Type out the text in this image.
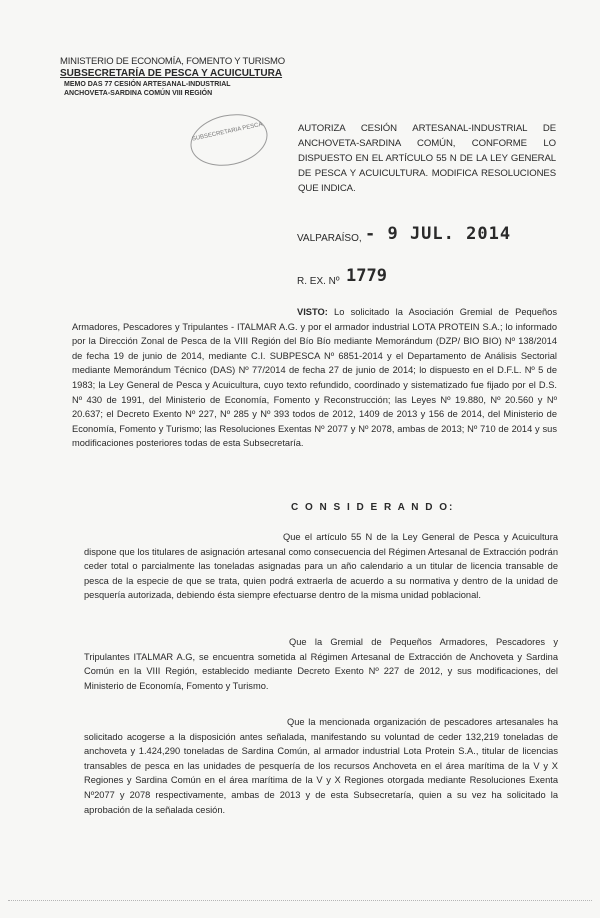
MINISTERIO DE ECONOMÍA, FOMENTO Y TURISMO
SUBSECRETARÍA DE PESCA Y ACUICULTURA
MEMO DAS 77 CESIÓN ARTESANAL-INDUSTRIAL
ANCHOVETA-SARDINA COMÚN VIII REGIÓN
SUBSECRETARIA PESCA	AUTORIZA CESIÓN ARTESANAL-INDUSTRIAL DE ANCHOVETA-SARDINA COMÚN, CONFORME LO DISPUESTO EN EL ARTÍCULO 55 N DE LA LEY GENERAL DE PESCA Y ACUICULTURA. MODIFICA RESOLUCIONES QUE INDICA.
VALPARAÍSO, - 9 JUL. 2014
R. EX. Nº 1779
VISTO: Lo solicitado la Asociación Gremial de Pequeños Armadores, Pescadores y Tripulantes - ITALMAR A.G. y por el armador industrial LOTA PROTEIN S.A.; lo informado por la Dirección Zonal de Pesca de la VIII Región del Bío Bío mediante Memorándum (DZP/ BIO BIO) Nº 138/2014 de fecha 19 de junio de 2014, mediante C.I. SUBPESCA Nº 6851-2014 y el Departamento de Análisis Sectorial mediante Memorándum Técnico (DAS) Nº 77/2014 de fecha 27 de junio de 2014; lo dispuesto en el D.F.L. Nº 5 de 1983; la Ley General de Pesca y Acuicultura, cuyo texto refundido, coordinado y sistematizado fue fijado por el D.S. Nº 430 de 1991, del Ministerio de Economía, Fomento y Reconstrucción; las Leyes Nº 19.880, Nº 20.560 y Nº 20.637; el Decreto Exento Nº 227, Nº 285 y Nº 393 todos de 2012, 1409 de 2013 y 156 de 2014, del Ministerio de Economía, Fomento y Turismo; las Resoluciones Exentas Nº 2077 y Nº 2078, ambas de 2013; Nº 710 de 2014 y sus modificaciones posteriores todas de esta Subsecretaría.
C O N S I D E R A N D O:
Que el artículo 55 N de la Ley General de Pesca y Acuicultura dispone que los titulares de asignación artesanal como consecuencia del Régimen Artesanal de Extracción podrán ceder total o parcialmente las toneladas asignadas para un año calendario a un titular de licencia transable de pesca de la especie de que se trata, quien podrá extraerla de acuerdo a su normativa y dentro de la unidad de pesquería autorizada, debiendo ésta siempre efectuarse dentro de la misma unidad poblacional.
Que la Gremial de Pequeños Armadores, Pescadores y Tripulantes ITALMAR A.G, se encuentra sometida al Régimen Artesanal de Extracción de Anchoveta y Sardina Común en la VIII Región, establecido mediante Decreto Exento Nº 227 de 2012, y sus modificaciones, del Ministerio de Economía, Fomento y Turismo.
Que la mencionada organización de pescadores artesanales ha solicitado acogerse a la disposición antes señalada, manifestando su voluntad de ceder 132,219 toneladas de anchoveta y 1.424,290 toneladas de Sardina Común, al armador industrial Lota Protein S.A., titular de licencias transables de pesca en las unidades de pesquería de los recursos Anchoveta en el área marítima de la V y X Regiones y Sardina Común en el área marítima de la V y X Regiones otorgada mediante Resoluciones Exenta Nº2077 y 2078 respectivamente, ambas de 2013 y de esta Subsecretaría, quien a su vez ha solicitado la aprobación de la señalada cesión.
